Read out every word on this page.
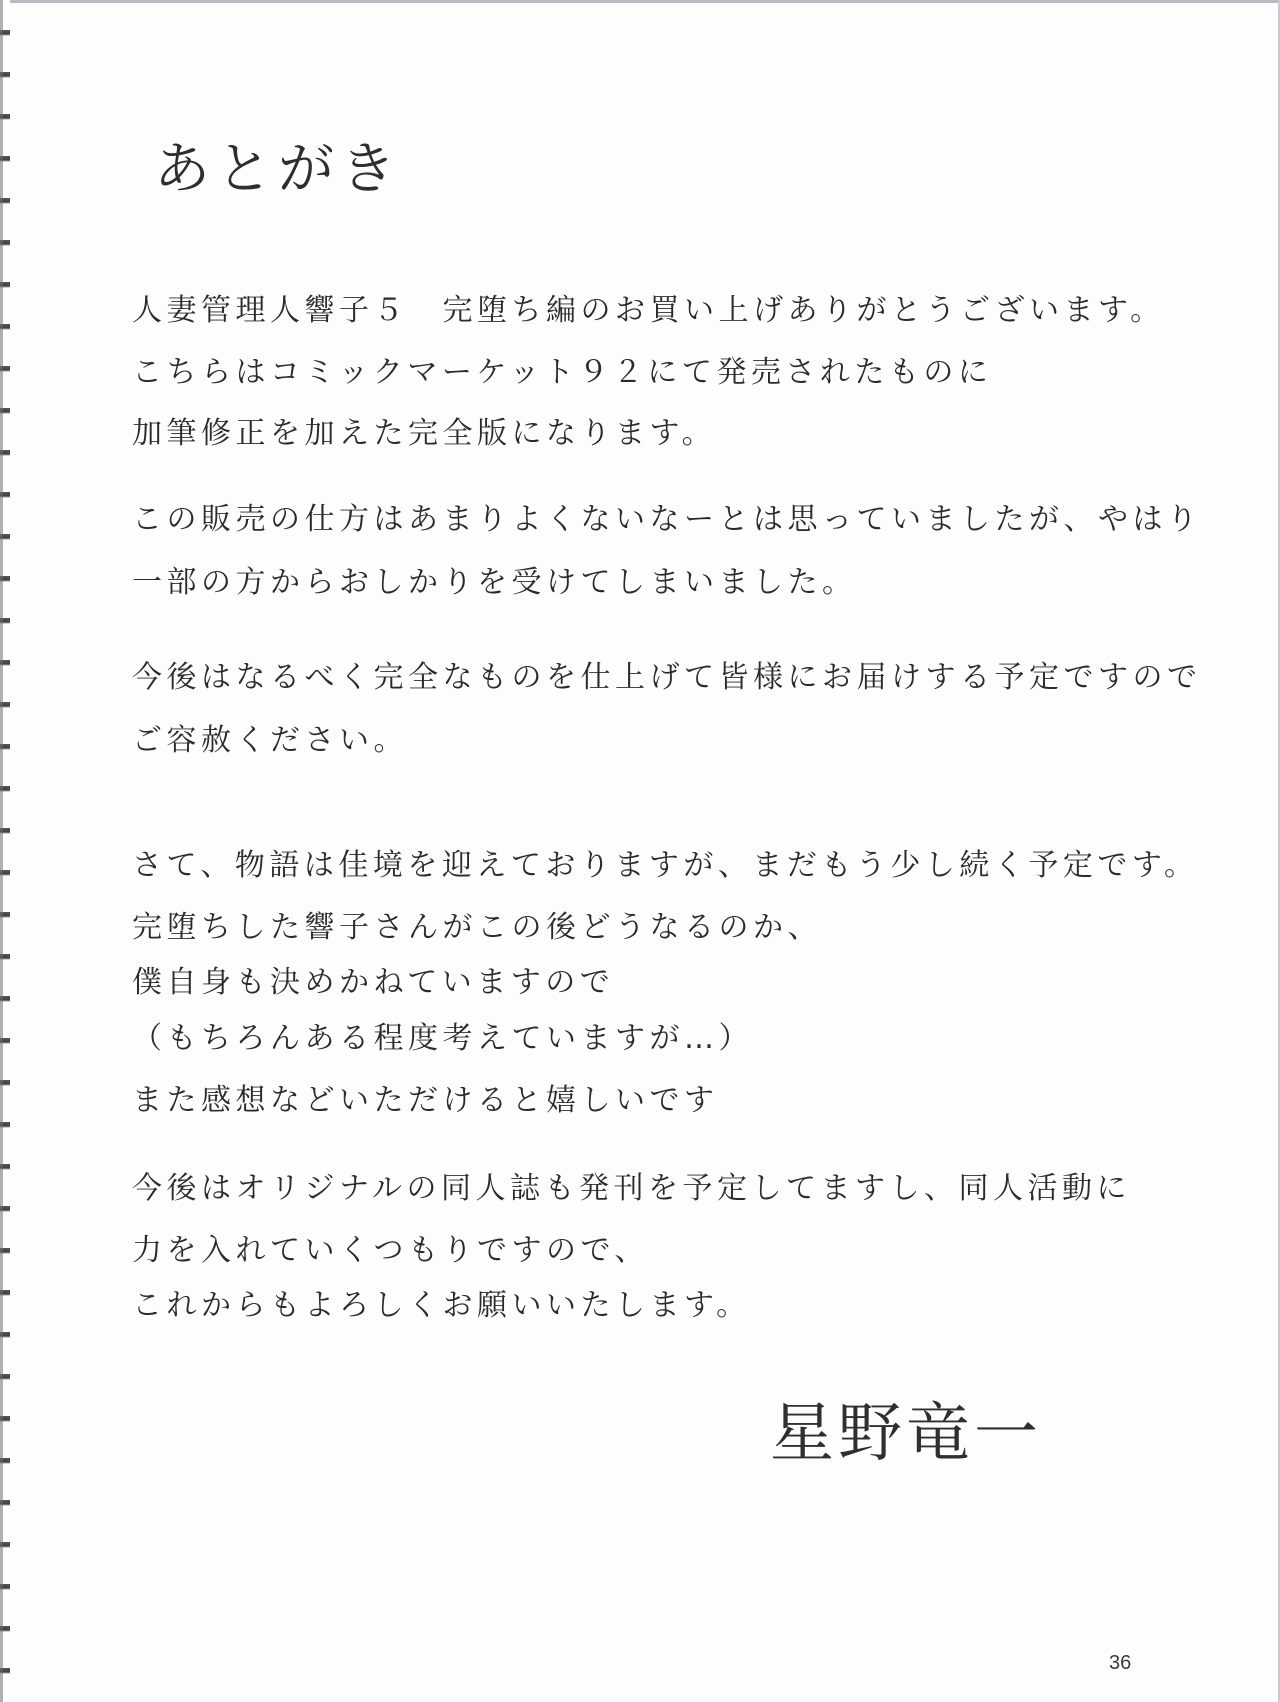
あとがき
人妻管理人響子５　完堕ち編のお買い上げありがとうございます。
こちらはコミックマーケット９２にて発売されたものに
加筆修正を加えた完全版になります。
この販売の仕方はあまりよくないなーとは思っていましたが、やはり
一部の方からおしかりを受けてしまいました。
今後はなるべく完全なものを仕上げて皆様にお届けする予定ですので
ご容赦ください。
さて、物語は佳境を迎えておりますが、まだもう少し続く予定です。
完堕ちした響子さんがこの後どうなるのか、
僕自身も決めかねていますので
（もちろんある程度考えていますが…）
また感想などいただけると嬉しいです
今後はオリジナルの同人誌も発刊を予定してますし、同人活動に
力を入れていくつもりですので、
これからもよろしくお願いいたします。
星野竜一
36
